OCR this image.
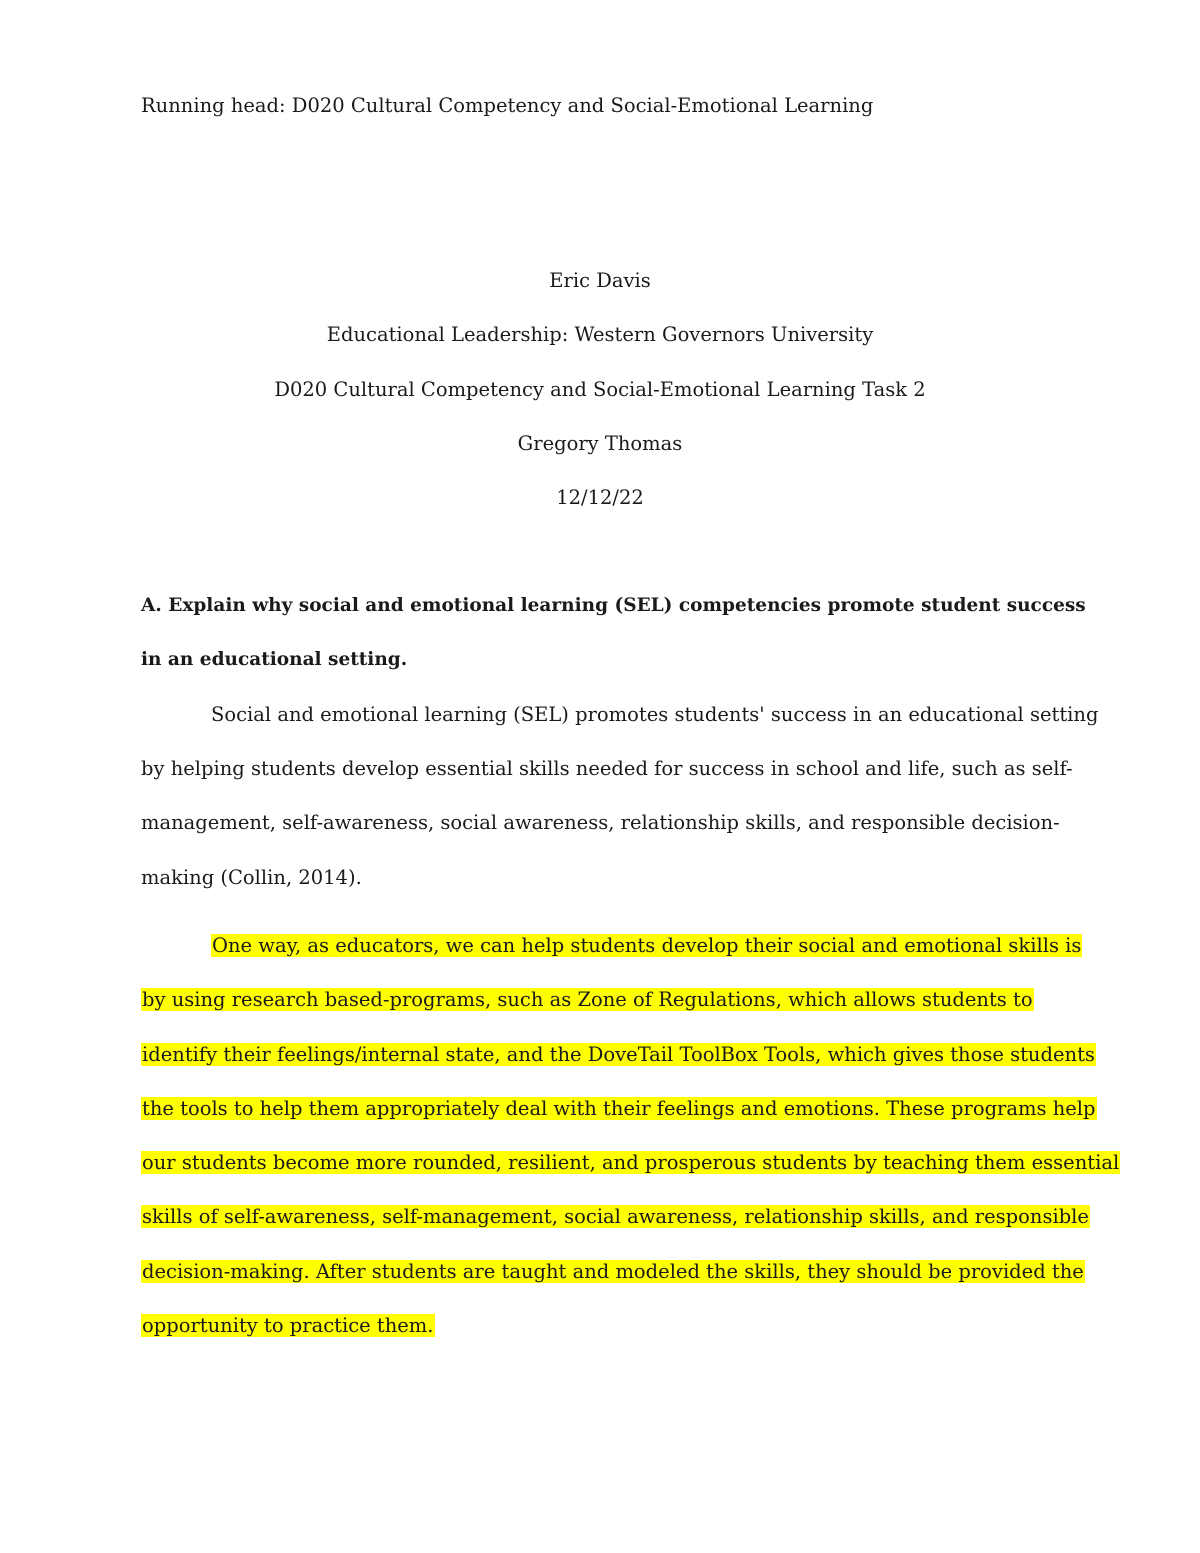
Running head: D020 Cultural Competency and Social-Emotional Learning
Eric Davis
Educational Leadership: Western Governors University
D020 Cultural Competency and Social-Emotional Learning Task 2
Gregory Thomas
12/12/22
A. Explain why social and emotional learning (SEL) competencies promote student success
in an educational setting.
Social and emotional learning (SEL) promotes students' success in an educational setting
by helping students develop essential skills needed for success in school and life, such as self-
management, self-awareness, social awareness, relationship skills, and responsible decision-
making (Collin, 2014).
One way, as educators, we can help students develop their social and emotional skills is
by using research based-programs, such as Zone of Regulations, which allows students to
identify their feelings/internal state, and the DoveTail ToolBox Tools, which gives those students
the tools to help them appropriately deal with their feelings and emotions. These programs help
our students become more rounded, resilient, and prosperous students by teaching them essential
skills of self-awareness, self-management, social awareness, relationship skills, and responsible
decision-making. After students are taught and modeled the skills, they should be provided the
opportunity to practice them.
